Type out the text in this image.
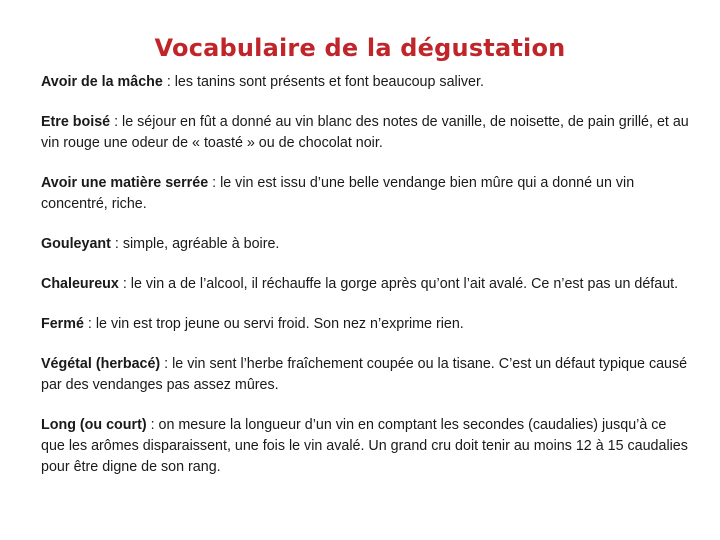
Vocabulaire de la dégustation

Avoir de la mâche : les tanins sont présents et font beaucoup saliver.

Etre boisé : le séjour en fût a donné au vin blanc des notes de vanille, de noisette, de pain grillé, et au vin rouge une odeur de « toasté » ou de chocolat noir.

Avoir une matière serrée : le vin est issu d’une belle vendange bien mûre qui a donné un vin concentré, riche.

Gouleyant : simple, agréable à boire.

Chaleureux : le vin a de l’alcool, il réchauffe la gorge après qu’ont l’ait avalé. Ce n’est pas un défaut.

Fermé : le vin est trop jeune ou servi froid. Son nez n’exprime rien.

Végétal (herbacé) : le vin sent l’herbe fraîchement coupée ou la tisane. C’est un défaut typique causé par des vendanges pas assez mûres.

Long (ou court) : on mesure la longueur d’un vin en comptant les secondes (caudalies) jusqu’à ce que les arômes disparaissent, une fois le vin avalé. Un grand cru doit tenir au moins 12 à 15 caudalies pour être digne de son rang.
